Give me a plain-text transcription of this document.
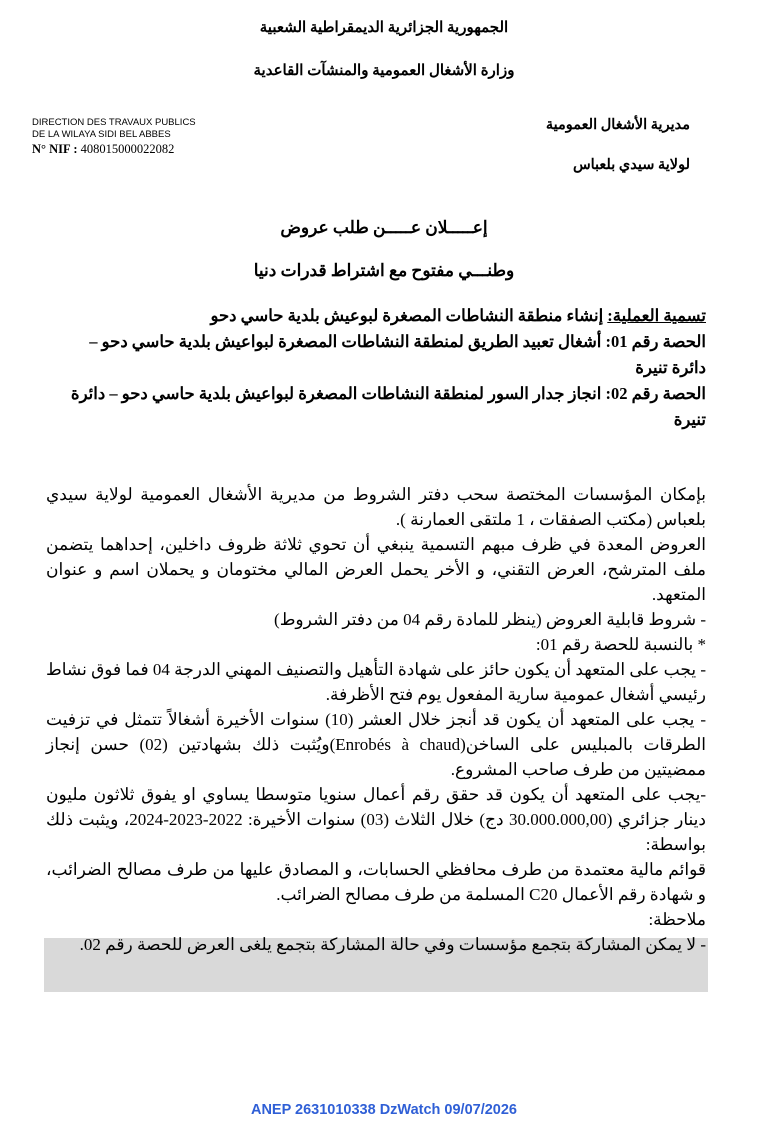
الجمهورية الجزائرية الديمقراطية الشعبية
وزارة الأشغال العمومية والمنشآت القاعدية
DIRECTION DES TRAVAUX PUBLICS
DE LA WILAYA SIDI BEL ABBES
N° NIF : 408015000022082
مديرية الأشغال العمومية
لولاية سيدي بلعباس
إعـــــلان عـــــن طلب عروض
وطنـــي مفتوح مع اشتراط قدرات دنيا
تسمية العملية: إنشاء منطقة النشاطات المصغرة لبوعيش بلدية حاسي دحو
الحصة رقم 01: أشغال تعبيد الطريق لمنطقة النشاطات المصغرة لبواعيش بلدية حاسي دحو – دائرة تنيرة
الحصة رقم 02: انجاز جدار السور لمنطقة النشاطات المصغرة لبواعيش بلدية حاسي دحو – دائرة تنيرة

بإمكان المؤسسات المختصة سحب دفتر الشروط من مديرية الأشغال العمومية لولاية سيدي بلعباس (مكتب الصفقات ، 1 ملتقى العمارنة ).

العروض المعدة في ظرف مبهم التسمية ينبغي أن تحوي ثلاثة ظروف داخلين، إحداهما يتضمن ملف المترشح، العرض التقني، و الأخر يحمل العرض المالي مختومان و يحملان اسم و عنوان المتعهد.

- شروط قابلية العروض (ينظر للمادة رقم 04 من دفتر الشروط)

* بالنسبة للحصة رقم 01:

- يجب على المتعهد أن يكون حائز على شهادة التأهيل والتصنيف المهني الدرجة 04 فما فوق نشاط رئيسي أشغال عمومية سارية المفعول يوم فتح الأظرفة.

- يجب على المتعهد أن يكون قد أنجز خلال العشر (10) سنوات الأخيرة أشغالاً تتمثل في تزفيت الطرقات بالمبليس على الساخن(Enrobés à chaud)ويُثبت ذلك بشهادتين (02) حسن إنجاز ممضيتين من طرف صاحب المشروع.

-يجب على المتعهد أن يكون قد حقق رقم أعمال سنويا متوسطا يساوي او يفوق ثلاثون مليون دينار جزائري (30.000.000,00 دج) خلال الثلاث (03) سنوات الأخيرة: 2022-2023-2024، ويثبت ذلك بواسطة:

قوائم مالية معتمدة من طرف محافظي الحسابات، و المصادق عليها من طرف مصالح الضرائب، و شهادة رقم الأعمال C20 المسلمة من طرف مصالح الضرائب.

ملاحظة:

- لا يمكن المشاركة بتجمع مؤسسات وفي حالة المشاركة بتجمع يلغى العرض للحصة رقم 02.

ANEP 2631010338 DzWatch 09/07/2026
